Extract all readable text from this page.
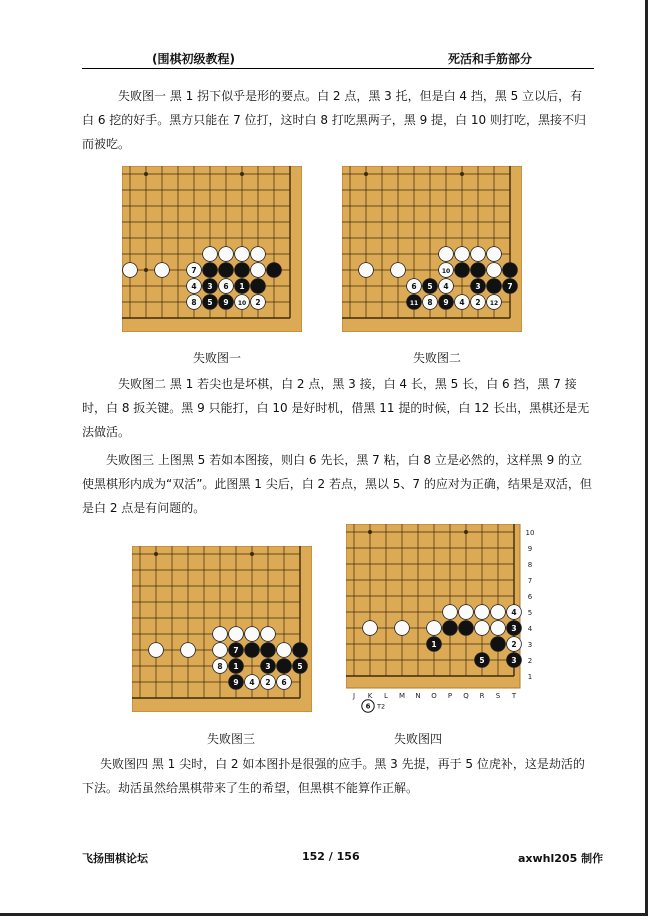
(围棋初级教程)	死活和手筋部分

失败图一 黑 1 拐下似乎是形的要点。白 2 点，黑 3 托，但是白 4 挡，黑 5 立以后，有白 6 挖的好手。黑方只能在 7 位打，这时白 8 打吃黑两子，黑 9 提，白 10 则打吃，黑接不归而被吃。

7
4 3 6 1
8 5 9 10 2
10
6 5 4	3	7
11 8 9 4 2 12
失败图一	失败图二

失败图二 黑 1 若尖也是坏棋，白 2 点，黑 3 接，白 4 长，黑 5 长，白 6 挡，黑 7 接时，白 8 扳关键。黑 9 只能打，白 10 是好时机，借黑 11 提的时候，白 12 长出，黑棋还是无法做活。

失败图三 上图黑 5 若如本图接，则白 6 先长，黑 7 粘，白 8 立是必然的，这样黑 9 的立使黑棋形内成为“双活”。此图黑 1 尖后，白 2 若点，黑以 5、7 的应对为正确，结果是双活，但是白 2 点是有问题的。

7
8 1	3	5
9 4 2 6
4
3
1	2
5	3
10
9
8
7
6
5
4
3
2
1
J K L M N O P Q R S T
6 T2
失败图三	失败图四

失败图四 黑 1 尖时，白 2 如本图扑是很强的应手。黑 3 先提，再于 5 位虎补，这是劫活的下法。劫活虽然给黑棋带来了生的希望，但黑棋不能算作正解。

飞扬围棋论坛	152 / 156	axwhl205 制作
